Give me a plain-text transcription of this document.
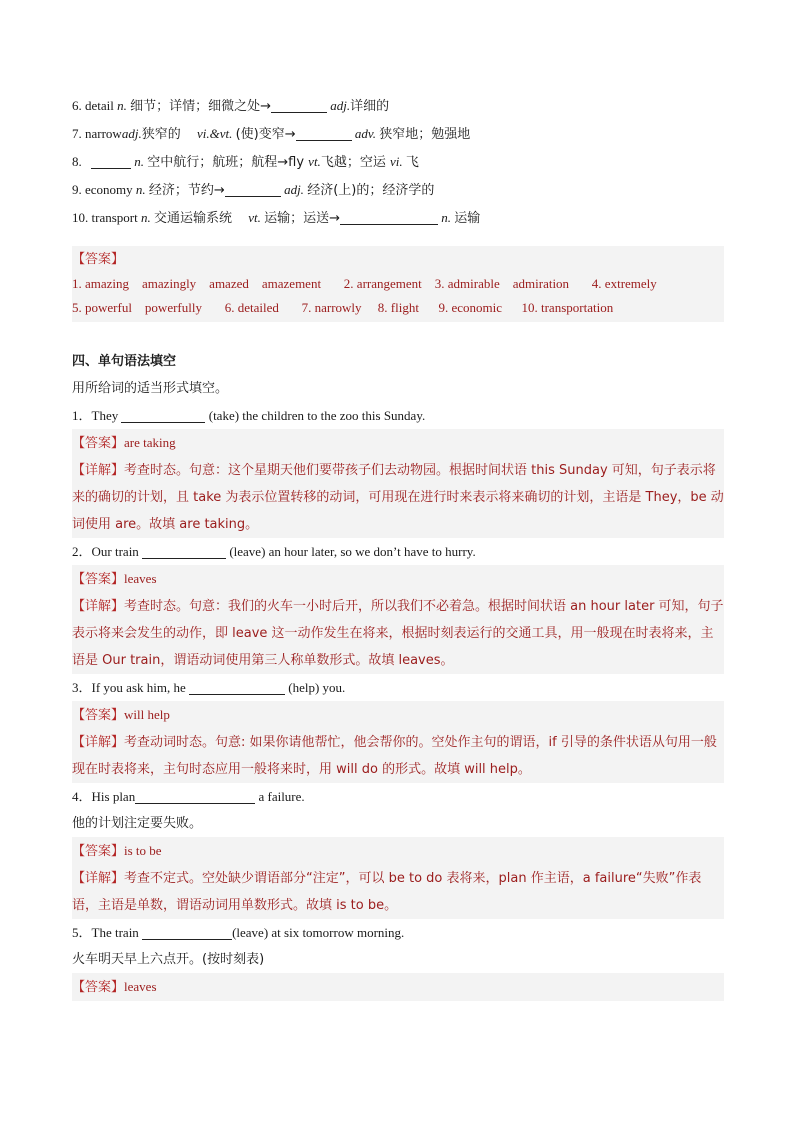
6. detail n. 细节；详情；细微之处→	adj.详细的
7. narrowadj.狭窄的　 vi.&vt. (使)变窄→	adv. 狭窄地；勉强地
8.	n. 空中航行；航班；航程→fly vt.飞越；空运 vi. 飞
9. economy n. 经济；节约→	adj. 经济(上)的；经济学的
10. transport n. 交通运输系统　 vt. 运输；运送→	n. 运输
【答案】
1. amazing    amazingly    amazed    amazement       2. arrangement    3. admirable    admiration       4. extremely
5. powerful    powerfully       6. detailed       7. narrowly     8. flight      9. economic      10. transportation
四、单句语法填空
用所给词的适当形式填空。
1．They	(take) the children to the zoo this Sunday.
【答案】are taking
【详解】考查时态。句意：这个星期天他们要带孩子们去动物园。根据时间状语 this Sunday 可知，句子表示将来的确切的计划，且 take 为表示位置转移的动词，可用现在进行时来表示将来确切的计划，主语是 They，be 动词使用 are。故填 are taking。
2．Our train	(leave) an hour later, so we don’t have to hurry.
【答案】leaves
【详解】考查时态。句意：我们的火车一小时后开，所以我们不必着急。根据时间状语 an hour later 可知，句子表示将来会发生的动作，即 leave 这一动作发生在将来，根据时刻表运行的交通工具，用一般现在时表将来，主语是 Our train，谓语动词使用第三人称单数形式。故填 leaves。
3．If you ask him, he	(help) you.
【答案】will help
【详解】考查动词时态。句意: 如果你请他帮忙，他会帮你的。空处作主句的谓语，if 引导的条件状语从句用一般现在时表将来，主句时态应用一般将来时，用 will do 的形式。故填 will help。
4．His plan	a failure.
他的计划注定要失败。
【答案】is to be
【详解】考查不定式。空处缺少谓语部分“注定”，可以 be to do 表将来，plan 作主语，a failure“失败”作表语，主语是单数，谓语动词用单数形式。故填 is to be。
5．The train	(leave) at six tomorrow morning.
火车明天早上六点开。(按时刻表)
【答案】leaves
